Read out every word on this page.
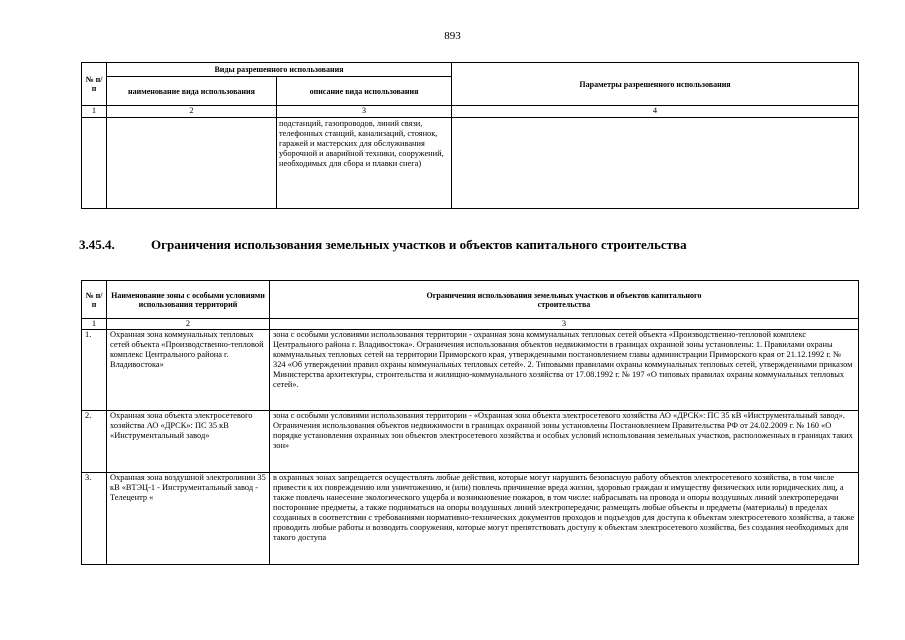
893
№ п/п	Виды разрешенного использования		Параметры разрешенного использования
	наименование вида использования	описание вида использования	
1	2	3	4
		подстанций, газопроводов, линий связи, телефонных станций, канализаций, стоянок, гаражей и мастерских для обслуживания уборочной и аварийной техники, сооружений, необходимых для сбора и плавки снега)	
3.45.4.	Ограничения использования земельных участков и объектов капитального строительства
№ п/п	Наименование зоны с особыми условиями использования территорий	Ограничения использования земельных участков и объектов капитального строительства
1	2	3
1.	Охранная зона коммунальных тепловых сетей объекта «Производственно-тепловой комплекс Центрального района г. Владивостока»	зона с особыми условиями использования территории - охранная зона коммунальных тепловых сетей объекта «Производственно-тепловой комплекс Центрального района г. Владивостока». Ограничения использования объектов недвижимости в границах охранной зоны установлены: 1. Правилами охраны коммунальных тепловых сетей на территории Приморского края, утвержденными постановлением главы администрации Приморского края от 21.12.1992 г. № 324 «Об утверждении правил охраны коммунальных тепловых сетей». 2. Типовыми правилами охраны коммунальных тепловых сетей, утвержденными приказом Министерства архитектуры, строительства и жилищно-коммунального хозяйства от 17.08.1992 г. № 197 «О типовых правилах охраны коммунальных тепловых сетей».
2.	Охранная зона объекта электросетевого хозяйства АО «ДРСК»: ПС 35 кВ «Инструментальный завод»	зона с особыми условиями использования территории - «Охранная зона объекта электросетевого хозяйства АО «ДРСК»: ПС 35 кВ «Инструментальный завод». Ограничения использования объектов недвижимости в границах охранной зоны установлены Постановлением Правительства РФ от 24.02.2009 г. № 160 «О порядке установления охранных зон объектов электросетевого хозяйства и особых условий использования земельных участков, расположенных в границах таких зон»
3.	Охранная зона воздушной электролинии 35 кВ «ВТЭЦ-1 - Инструментальный завод - Телецентр «	в охранных зонах запрещается осуществлять любые действия, которые могут нарушить безопасную работу объектов электросетевого хозяйства, в том числе привести к их повреждению или уничтожению, и (или) повлечь причинение вреда жизни, здоровью граждан и имуществу физических или юридических лиц, а также повлечь нанесение экологического ущерба и возникновение пожаров, в том числе: набрасывать на провода и опоры воздушных линий электропередачи посторонние предметы, а также подниматься на опоры воздушных линий электропередачи; размещать любые объекты и предметы (материалы) в пределах созданных в соответствии с требованиями нормативно-технических документов проходов и подъездов для доступа к объектам электросетевого хозяйства, а также проводить любые работы и возводить сооружения, которые могут препятствовать доступу к объектам электросетевого хозяйства, без создания необходимых для такого доступа
